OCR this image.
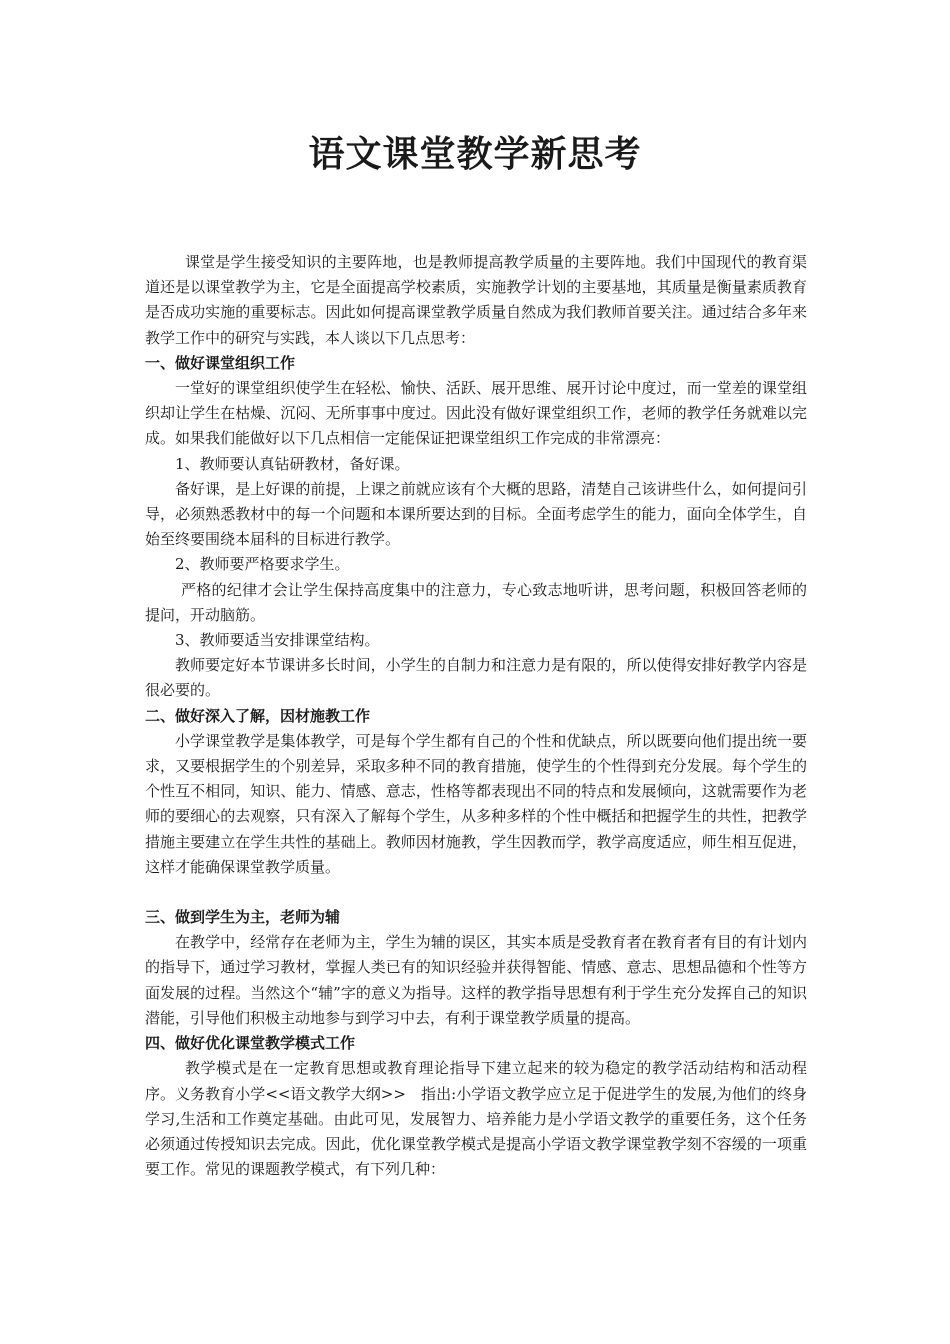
语文课堂教学新思考

课堂是学生接受知识的主要阵地，也是教师提高教学质量的主要阵地。我们中国现代的教育渠道还是以课堂教学为主，它是全面提高学校素质，实施教学计划的主要基地，其质量是衡量素质教育是否成功实施的重要标志。因此如何提高课堂教学质量自然成为我们教师首要关注。通过结合多年来教学工作中的研究与实践，本人谈以下几点思考：

一、做好课堂组织工作

一堂好的课堂组织使学生在轻松、愉快、活跃、展开思维、展开讨论中度过，而一堂差的课堂组织却让学生在枯燥、沉闷、无所事事中度过。因此没有做好课堂组织工作，老师的教学任务就难以完成。如果我们能做好以下几点相信一定能保证把课堂组织工作完成的非常漂亮：

1、教师要认真钻研教材，备好课。

备好课，是上好课的前提，上课之前就应该有个大概的思路，清楚自己该讲些什么，如何提问引导，必须熟悉教材中的每一个问题和本课所要达到的目标。全面考虑学生的能力，面向全体学生，自始至终要围绕本届科的目标进行教学。

2、教师要严格要求学生。

严格的纪律才会让学生保持高度集中的注意力，专心致志地听讲，思考问题，积极回答老师的提问，开动脑筋。

3、教师要适当安排课堂结构。

教师要定好本节课讲多长时间，小学生的自制力和注意力是有限的，所以使得安排好教学内容是很必要的。

二、做好深入了解，因材施教工作

小学课堂教学是集体教学，可是每个学生都有自己的个性和优缺点，所以既要向他们提出统一要求，又要根据学生的个别差异，采取多种不同的教育措施，使学生的个性得到充分发展。每个学生的个性互不相同，知识、能力、情感、意志，性格等都表现出不同的特点和发展倾向，这就需要作为老师的要细心的去观察，只有深入了解每个学生，从多种多样的个性中概括和把握学生的共性，把教学措施主要建立在学生共性的基础上。教师因材施教，学生因教而学，教学高度适应，师生相互促进，这样才能确保课堂教学质量。

三、做到学生为主，老师为辅

在教学中，经常存在老师为主，学生为辅的误区，其实本质是受教育者在教育者有目的有计划内的指导下，通过学习教材，掌握人类已有的知识经验并获得智能、情感、意志、思想品德和个性等方面发展的过程。当然这个“辅”字的意义为指导。这样的教学指导思想有利于学生充分发挥自己的知识潜能，引导他们积极主动地参与到学习中去，有利于课堂教学质量的提高。

四、做好优化课堂教学模式工作

教学模式是在一定教育思想或教育理论指导下建立起来的较为稳定的教学活动结构和活动程序。义务教育小学<<语文教学大纲>>　指出:小学语文教学应立足于促进学生的发展,为他们的终身学习,生活和工作奠定基础。由此可见，发展智力、培养能力是小学语文教学的重要任务，这个任务必须通过传授知识去完成。因此，优化课堂教学模式是提高小学语文教学课堂教学刻不容缓的一项重要工作。常见的课题教学模式，有下列几种：
